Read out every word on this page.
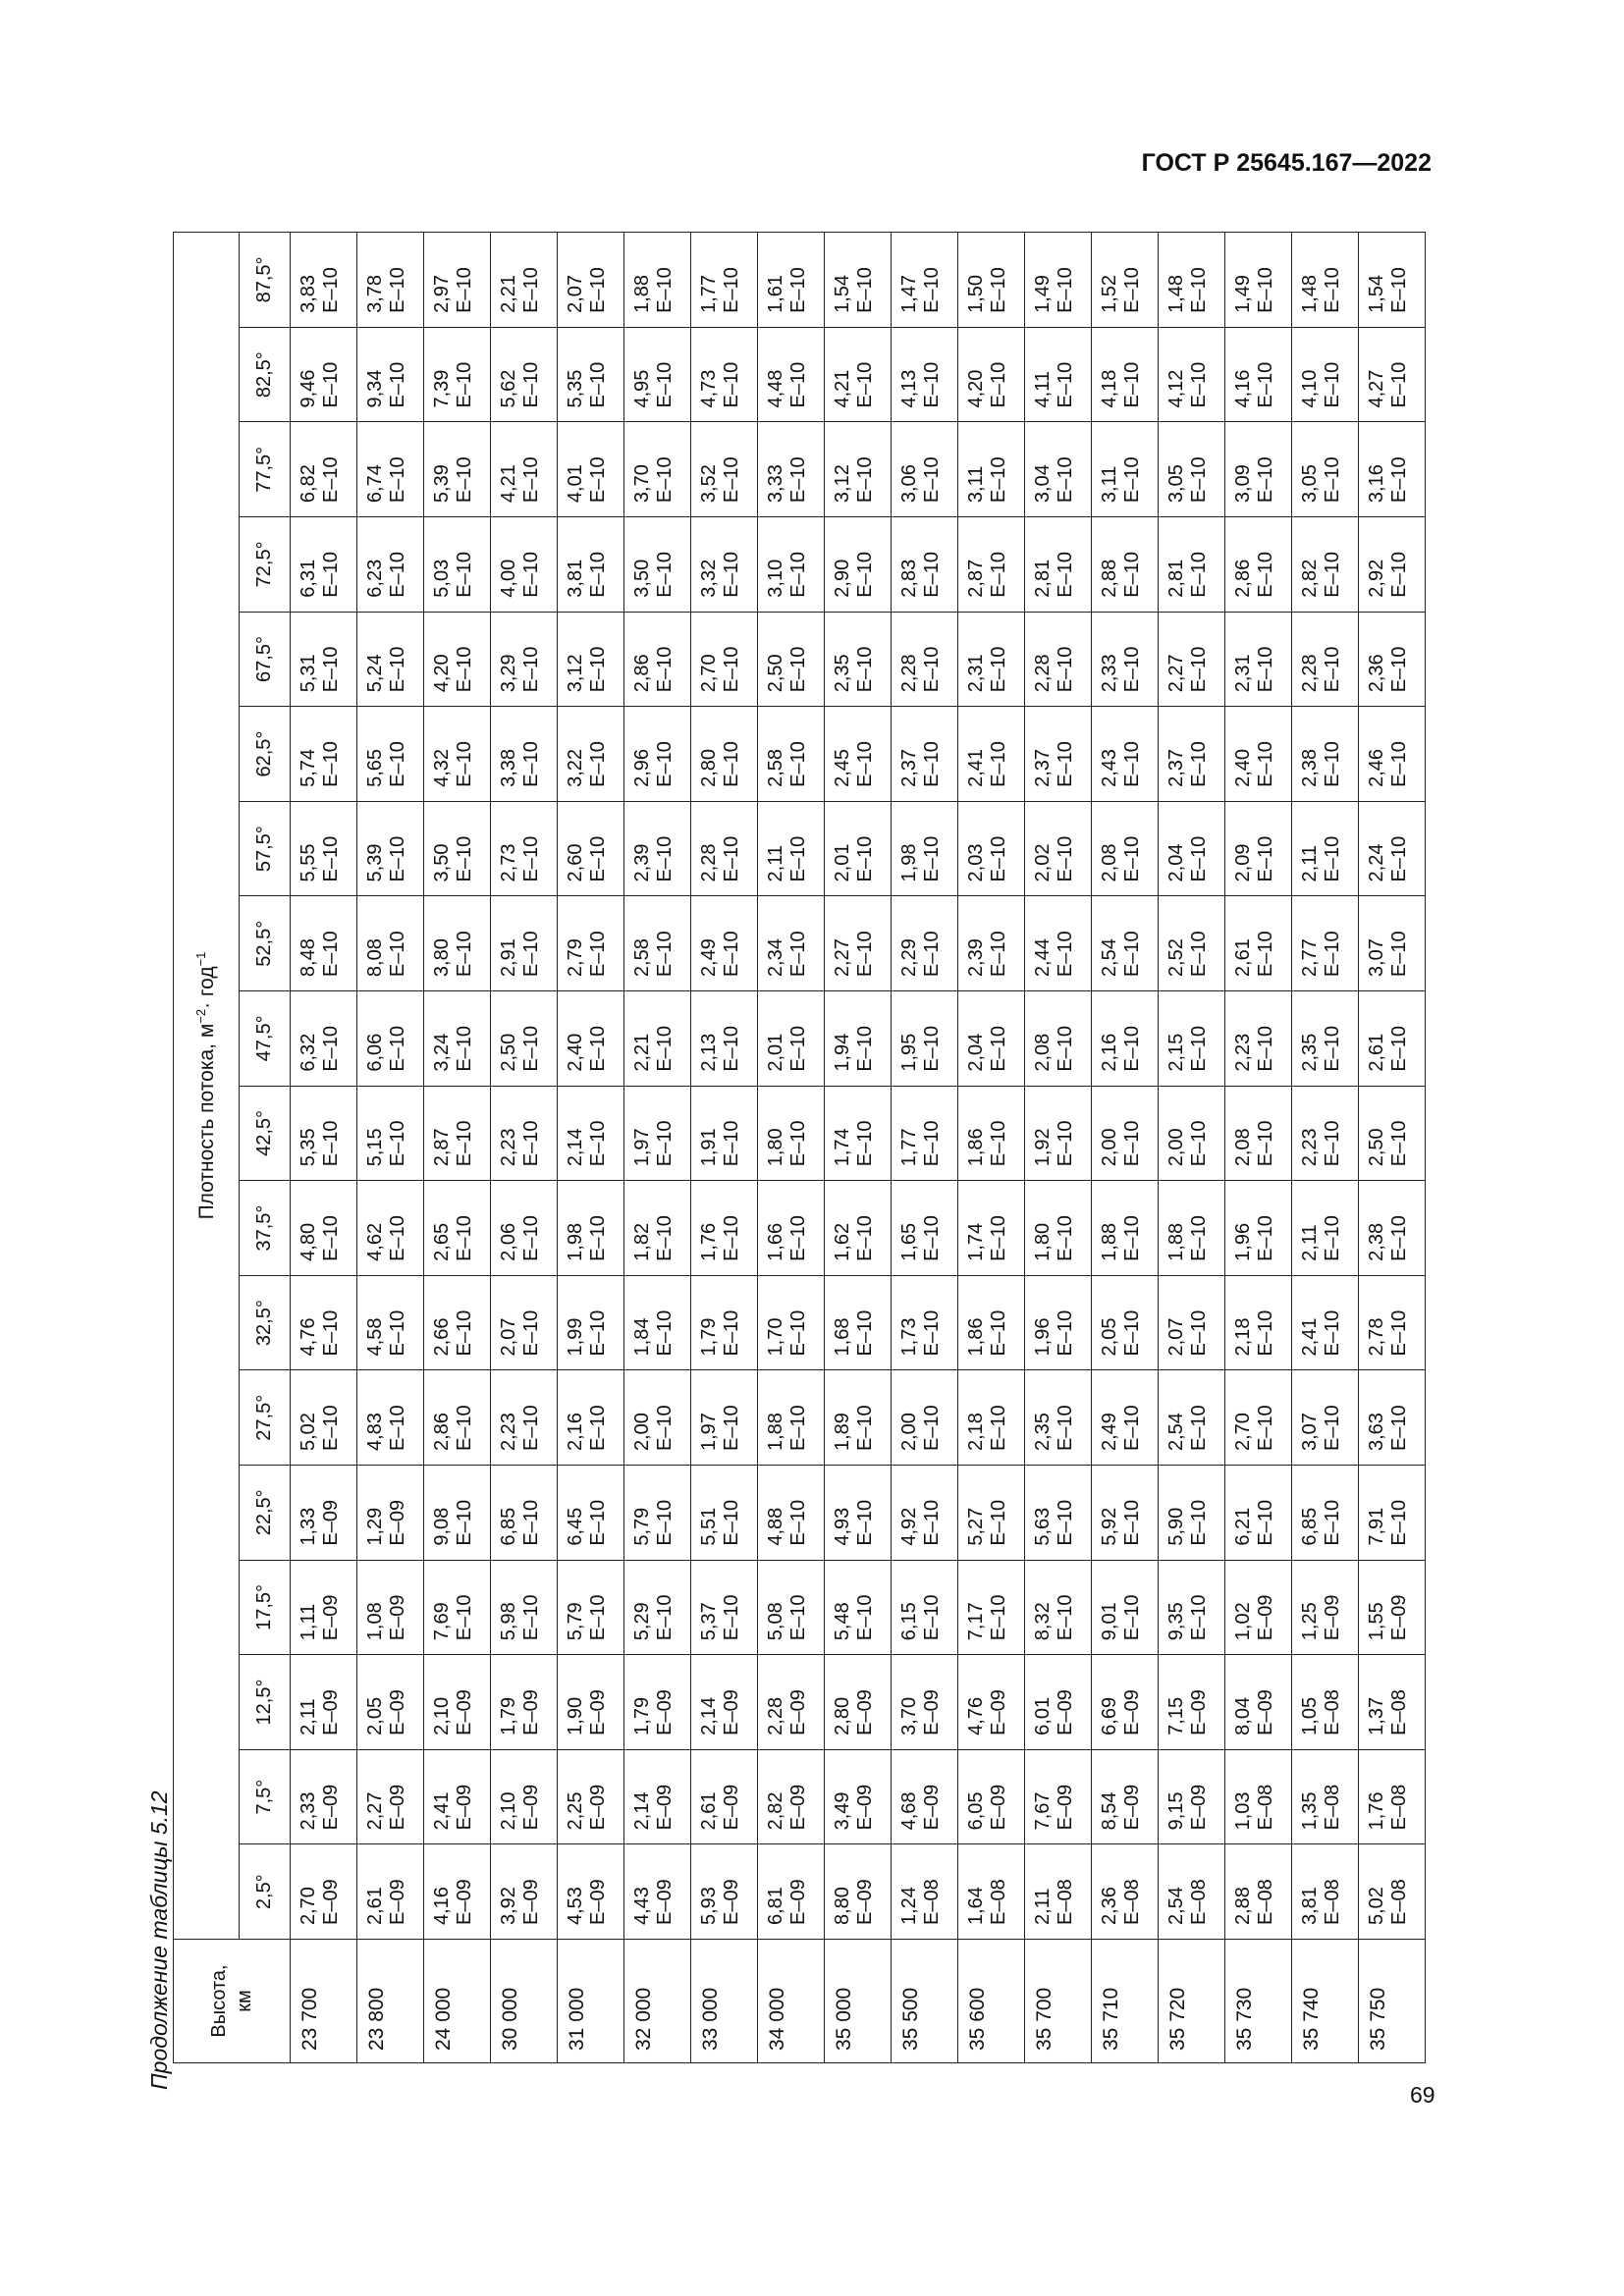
ГОСТ Р 25645.167—2022
Продолжение таблицы 5.12 Высота, км	Плотность потока, $м^{-2}\cdot год^{-1}$
	2,5°	7,5°	12,5°	17,5°	22,5°	27,5°	32,5°	37,5°	42,5°	47,5°	52,5°	57,5°	62,5°	67,5°	72,5°	77,5°	82,5°	87,5°
23 700	2,70 E–09	2,33 E–09	2,11 E–09	1,11 E–09	1,33 E–09	5,02 E–10	4,76 E–10	4,80 E–10	5,35 E–10	6,32 E–10	8,48 E–10	5,55 E–10	5,74 E–10	5,31 E–10	6,31 E–10	6,82 E–10	9,46 E–10	3,83 E–10

23 800	2,61 E–09	2,27 E–09	2,05 E–09	1,08 E–09	1,29 E–09	4,83 E–10	4,58 E–10	4,62 E–10	5,15 E–10	6,06 E–10	8,08 E–10	5,39 E–10	5,65 E–10	5,24 E–10	6,23 E–10	6,74 E–10	9,34 E–10	3,78 E–10

24 000	4,16 E–09	2,41 E–09	2,10 E–09	7,69 E–10	9,08 E–10	2,86 E–10	2,66 E–10	2,65 E–10	2,87 E–10	3,24 E–10	3,80 E–10	3,50 E–10	4,32 E–10	4,20 E–10	5,03 E–10	5,39 E–10	7,39 E–10	2,97 E–10

30 000	3,92 E–09	2,10 E–09	1,79 E–09	5,98 E–10	6,85 E–10	2,23 E–10	2,07 E–10	2,06 E–10	2,23 E–10	2,50 E–10	2,91 E–10	2,73 E–10	3,38 E–10	3,29 E–10	4,00 E–10	4,21 E–10	5,62 E–10	2,21 E–10

31 000	4,53 E–09	2,25 E–09	1,90 E–09	5,79 E–10	6,45 E–10	2,16 E–10	1,99 E–10	1,98 E–10	2,14 E–10	2,40 E–10	2,79 E–10	2,60 E–10	3,22 E–10	3,12 E–10	3,81 E–10	4,01 E–10	5,35 E–10	2,07 E–10

32 000	4,43 E–09	2,14 E–09	1,79 E–09	5,29 E–10	5,79 E–10	2,00 E–10	1,84 E–10	1,82 E–10	1,97 E–10	2,21 E–10	2,58 E–10	2,39 E–10	2,96 E–10	2,86 E–10	3,50 E–10	3,70 E–10	4,95 E–10	1,88 E–10

33 000	5,93 E–09	2,61 E–09	2,14 E–09	5,37 E–10	5,51 E–10	1,97 E–10	1,79 E–10	1,76 E–10	1,91 E–10	2,13 E–10	2,49 E–10	2,28 E–10	2,80 E–10	2,70 E–10	3,32 E–10	3,52 E–10	4,73 E–10	1,77 E–10

34 000	6,81 E–09	2,82 E–09	2,28 E–09	5,08 E–10	4,88 E–10	1,88 E–10	1,70 E–10	1,66 E–10	1,80 E–10	2,01 E–10	2,34 E–10	2,11 E–10	2,58 E–10	2,50 E–10	3,10 E–10	3,33 E–10	4,48 E–10	1,61 E–10

35 000	8,80 E–09	3,49 E–09	2,80 E–09	5,48 E–10	4,93 E–10	1,89 E–10	1,68 E–10	1,62 E–10	1,74 E–10	1,94 E–10	2,27 E–10	2,01 E–10	2,45 E–10	2,35 E–10	2,90 E–10	3,12 E–10	4,21 E–10	1,54 E–10

35 500	1,24 E–08	4,68 E–09	3,70 E–09	6,15 E–10	4,92 E–10	2,00 E–10	1,73 E–10	1,65 E–10	1,77 E–10	1,95 E–10	2,29 E–10	1,98 E–10	2,37 E–10	2,28 E–10	2,83 E–10	3,06 E–10	4,13 E–10	1,47 E–10

35 600	1,64 E–08	6,05 E–09	4,76 E–09	7,17 E–10	5,27 E–10	2,18 E–10	1,86 E–10	1,74 E–10	1,86 E–10	2,04 E–10	2,39 E–10	2,03 E–10	2,41 E–10	2,31 E–10	2,87 E–10	3,11 E–10	4,20 E–10	1,50 E–10

35 700	2,11 E–08	7,67 E–09	6,01 E–09	8,32 E–10	5,63 E–10	2,35 E–10	1,96 E–10	1,80 E–10	1,92 E–10	2,08 E–10	2,44 E–10	2,02 E–10	2,37 E–10	2,28 E–10	2,81 E–10	3,04 E–10	4,11 E–10	1,49 E–10

35 710	2,36 E–08	8,54 E–09	6,69 E–09	9,01 E–10	5,92 E–10	2,49 E–10	2,05 E–10	1,88 E–10	2,00 E–10	2,16 E–10	2,54 E–10	2,08 E–10	2,43 E–10	2,33 E–10	2,88 E–10	3,11 E–10	4,18 E–10	1,52 E–10

35 720	2,54 E–08	9,15 E–09	7,15 E–09	9,35 E–10	5,90 E–10	2,54 E–10	2,07 E–10	1,88 E–10	2,00 E–10	2,15 E–10	2,52 E–10	2,04 E–10	2,37 E–10	2,27 E–10	2,81 E–10	3,05 E–10	4,12 E–10	1,48 E–10

35 730	2,88 E–08	1,03 E–08	8,04 E–09	1,02 E–09	6,21 E–10	2,70 E–10	2,18 E–10	1,96 E–10	2,08 E–10	2,23 E–10	2,61 E–10	2,09 E–10	2,40 E–10	2,31 E–10	2,86 E–10	3,09 E–10	4,16 E–10	1,49 E–10

35 740	3,81 E–08	1,35 E–08	1,05 E–08	1,25 E–09	6,85 E–10	3,07 E–10	2,41 E–10	2,11 E–10	2,23 E–10	2,35 E–10	2,77 E–10	2,11 E–10	2,38 E–10	2,28 E–10	2,82 E–10	3,05 E–10	4,10 E–10	1,48 E–10

35 750	5,02 E–08	1,76 E–08	1,37 E–08	1,55 E–09	7,91 E–10	3,63 E–10	2,78 E–10	2,38 E–10	2,50 E–10	2,61 E–10	3,07 E–10	2,24 E–10	2,46 E–10	2,36 E–10	2,92 E–10	3,16 E–10	4,27 E–10	1,54 E–10
69
